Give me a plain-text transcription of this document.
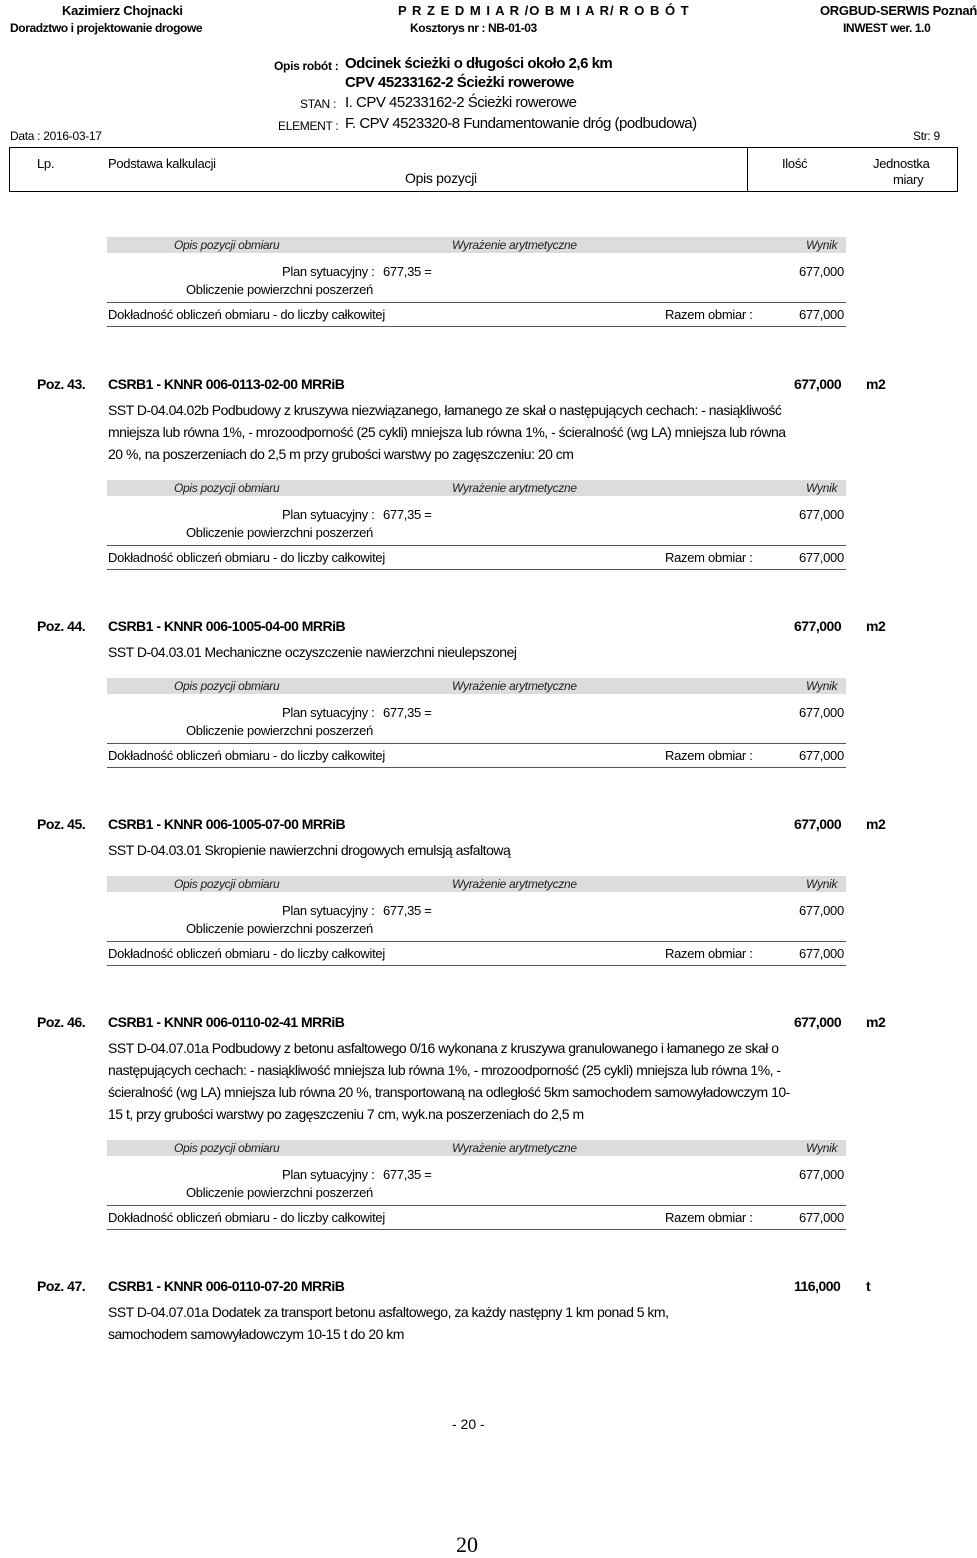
Kazimierz Chojnacki
Doradztwo i projektowanie drogowe
P R Z E D M I A R /O B M I A R/ R O B Ó T
Kosztorys nr : NB-01-03
ORGBUD-SERWIS Poznań
INWEST wer. 1.0
Opis robót : Odcinek ścieżki o długości około 2,6 km
CPV 45233162-2 Ścieżki rowerowe
STAN : I. CPV 45233162-2 Ścieżki rowerowe
ELEMENT : F. CPV 4523320-8 Fundamentowanie dróg (podbudowa)
Data : 2016-03-17	Str: 9
Lp.	Podstawa kalkulacji
Opis pozycji
Ilość	Jednostka
miary
Opis pozycji obmiaru	Wyrażenie arytmetyczne	Wynik
Plan sytuacyjny : 677,35 =	677,000
Obliczenie powierzchni poszerzeń
Dokładność obliczeń obmiaru - do liczby całkowitej	Razem obmiar :	677,000
Poz. 43. CSRB1 - KNNR 006-0113-02-00 MRRiB	677,000 m2
SST D-04.04.02b Podbudowy z kruszywa niezwiązanego, łamanego ze skał o następujących cechach: - nasiąkliwość mniejsza lub równa 1%, - mrozoodporność (25 cykli) mniejsza lub równa 1%, - ścieralność (wg LA) mniejsza lub równa 20 %, na poszerzeniach do 2,5 m przy grubości warstwy po zagęszczeniu: 20 cm
Opis pozycji obmiaru	Wyrażenie arytmetyczne	Wynik
Plan sytuacyjny : 677,35 =	677,000
Obliczenie powierzchni poszerzeń
Dokładność obliczeń obmiaru - do liczby całkowitej	Razem obmiar :	677,000
Poz. 44. CSRB1 - KNNR 006-1005-04-00 MRRiB	677,000 m2
SST D-04.03.01 Mechaniczne oczyszczenie nawierzchni nieulepszonej
Opis pozycji obmiaru	Wyrażenie arytmetyczne	Wynik
Plan sytuacyjny : 677,35 =	677,000
Obliczenie powierzchni poszerzeń
Dokładność obliczeń obmiaru - do liczby całkowitej	Razem obmiar :	677,000
Poz. 45. CSRB1 - KNNR 006-1005-07-00 MRRiB	677,000 m2
SST D-04.03.01 Skropienie nawierzchni drogowych emulsją asfaltową
Opis pozycji obmiaru	Wyrażenie arytmetyczne	Wynik
Plan sytuacyjny : 677,35 =	677,000
Obliczenie powierzchni poszerzeń
Dokładność obliczeń obmiaru - do liczby całkowitej	Razem obmiar :	677,000
Poz. 46. CSRB1 - KNNR 006-0110-02-41 MRRiB	677,000 m2
SST D-04.07.01a Podbudowy z betonu asfaltowego 0/16 wykonana z kruszywa granulowanego i łamanego ze skał o następujących cechach: - nasiąkliwość mniejsza lub równa 1%, - mrozoodporność (25 cykli) mniejsza lub równa 1%, - ścieralność (wg LA) mniejsza lub równa 20 %, transportowaną na odległość 5km samochodem samowyładowczym 10-15 t, przy grubości warstwy po zagęszczeniu 7 cm, wyk.na poszerzeniach do 2,5 m
Opis pozycji obmiaru	Wyrażenie arytmetyczne	Wynik
Plan sytuacyjny : 677,35 =	677,000
Obliczenie powierzchni poszerzeń
Dokładność obliczeń obmiaru - do liczby całkowitej	Razem obmiar :	677,000
Poz. 47. CSRB1 - KNNR 006-0110-07-20 MRRiB	116,000 t
SST D-04.07.01a Dodatek za transport betonu asfaltowego, za każdy następny 1 km ponad 5 km, samochodem samowyładowczym 10-15 t do 20 km
- 20 -
20
